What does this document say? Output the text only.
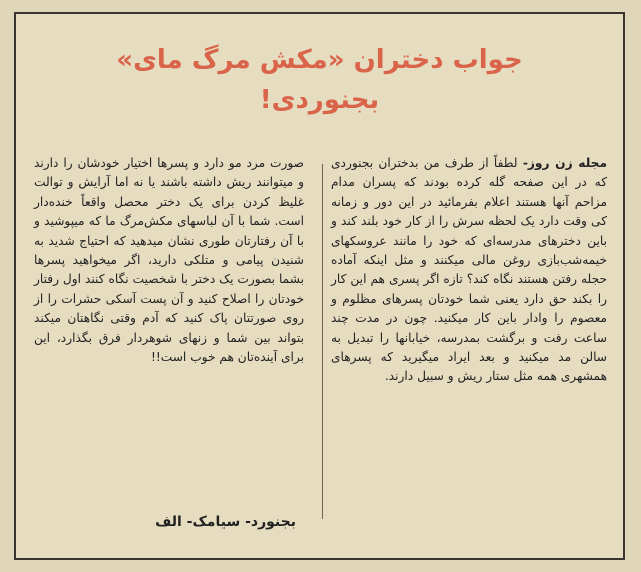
جواب دختران «مکش مرگ مای»
بجنوردی!
مجله زن روز- لطفاً از طرف من بدختران بجنوردی که در این صفحه گله کرده بودند که پسران مدام مزاحم آنها هستند اعلام بفرمائید در این دور و زمانه کی وقت دارد یک لحظه سرش را از کار خود بلند کند و باین دخترهای مدرسه‌ای که خود را مانند عروسکهای خیمه‌شب‌بازی روغن مالی میکنند و مثل اینکه آماده حجله رفتن هستند نگاه کند؟ تازه اگر پسری هم این کار را بکند حق دارد یعنی شما خودتان پسرهای مظلوم و معصوم را وادار باین کار میکنید. چون در مدت چند ساعت رفت و برگشت بمدرسه، خیابانها را تبدیل به سالن مد میکنید و بعد ایراد میگیرید که پسرهای همشهری همه مثل ستار ریش و سبیل دارند.
صورت مرد مو دارد و پسرها اختیار خودشان را دارند و میتوانند ریش داشته باشند یا نه اما آرایش و توالت غلیظ کردن برای یک دختر محصل واقعاً خنده‌دار است. شما با آن لباسهای مکش‌مرگ ما که میپوشید و با آن رفتارتان طوری نشان میدهید که احتیاج شدید به شنیدن پیامی و متلکی دارید، اگر میخواهید پسرها بشما بصورت یک دختر با شخصیت نگاه کنند اول رفتار خودتان را اصلاح کنید و آن پست آسکی حشرات را از روی صورتتان پاک کنید که آدم وقتی نگاهتان میکند بتواند بین شما و زنهای شوهردار فرق بگذارد، این برای آینده‌تان هم خوب است!!
بجنورد- سیامک- الف
